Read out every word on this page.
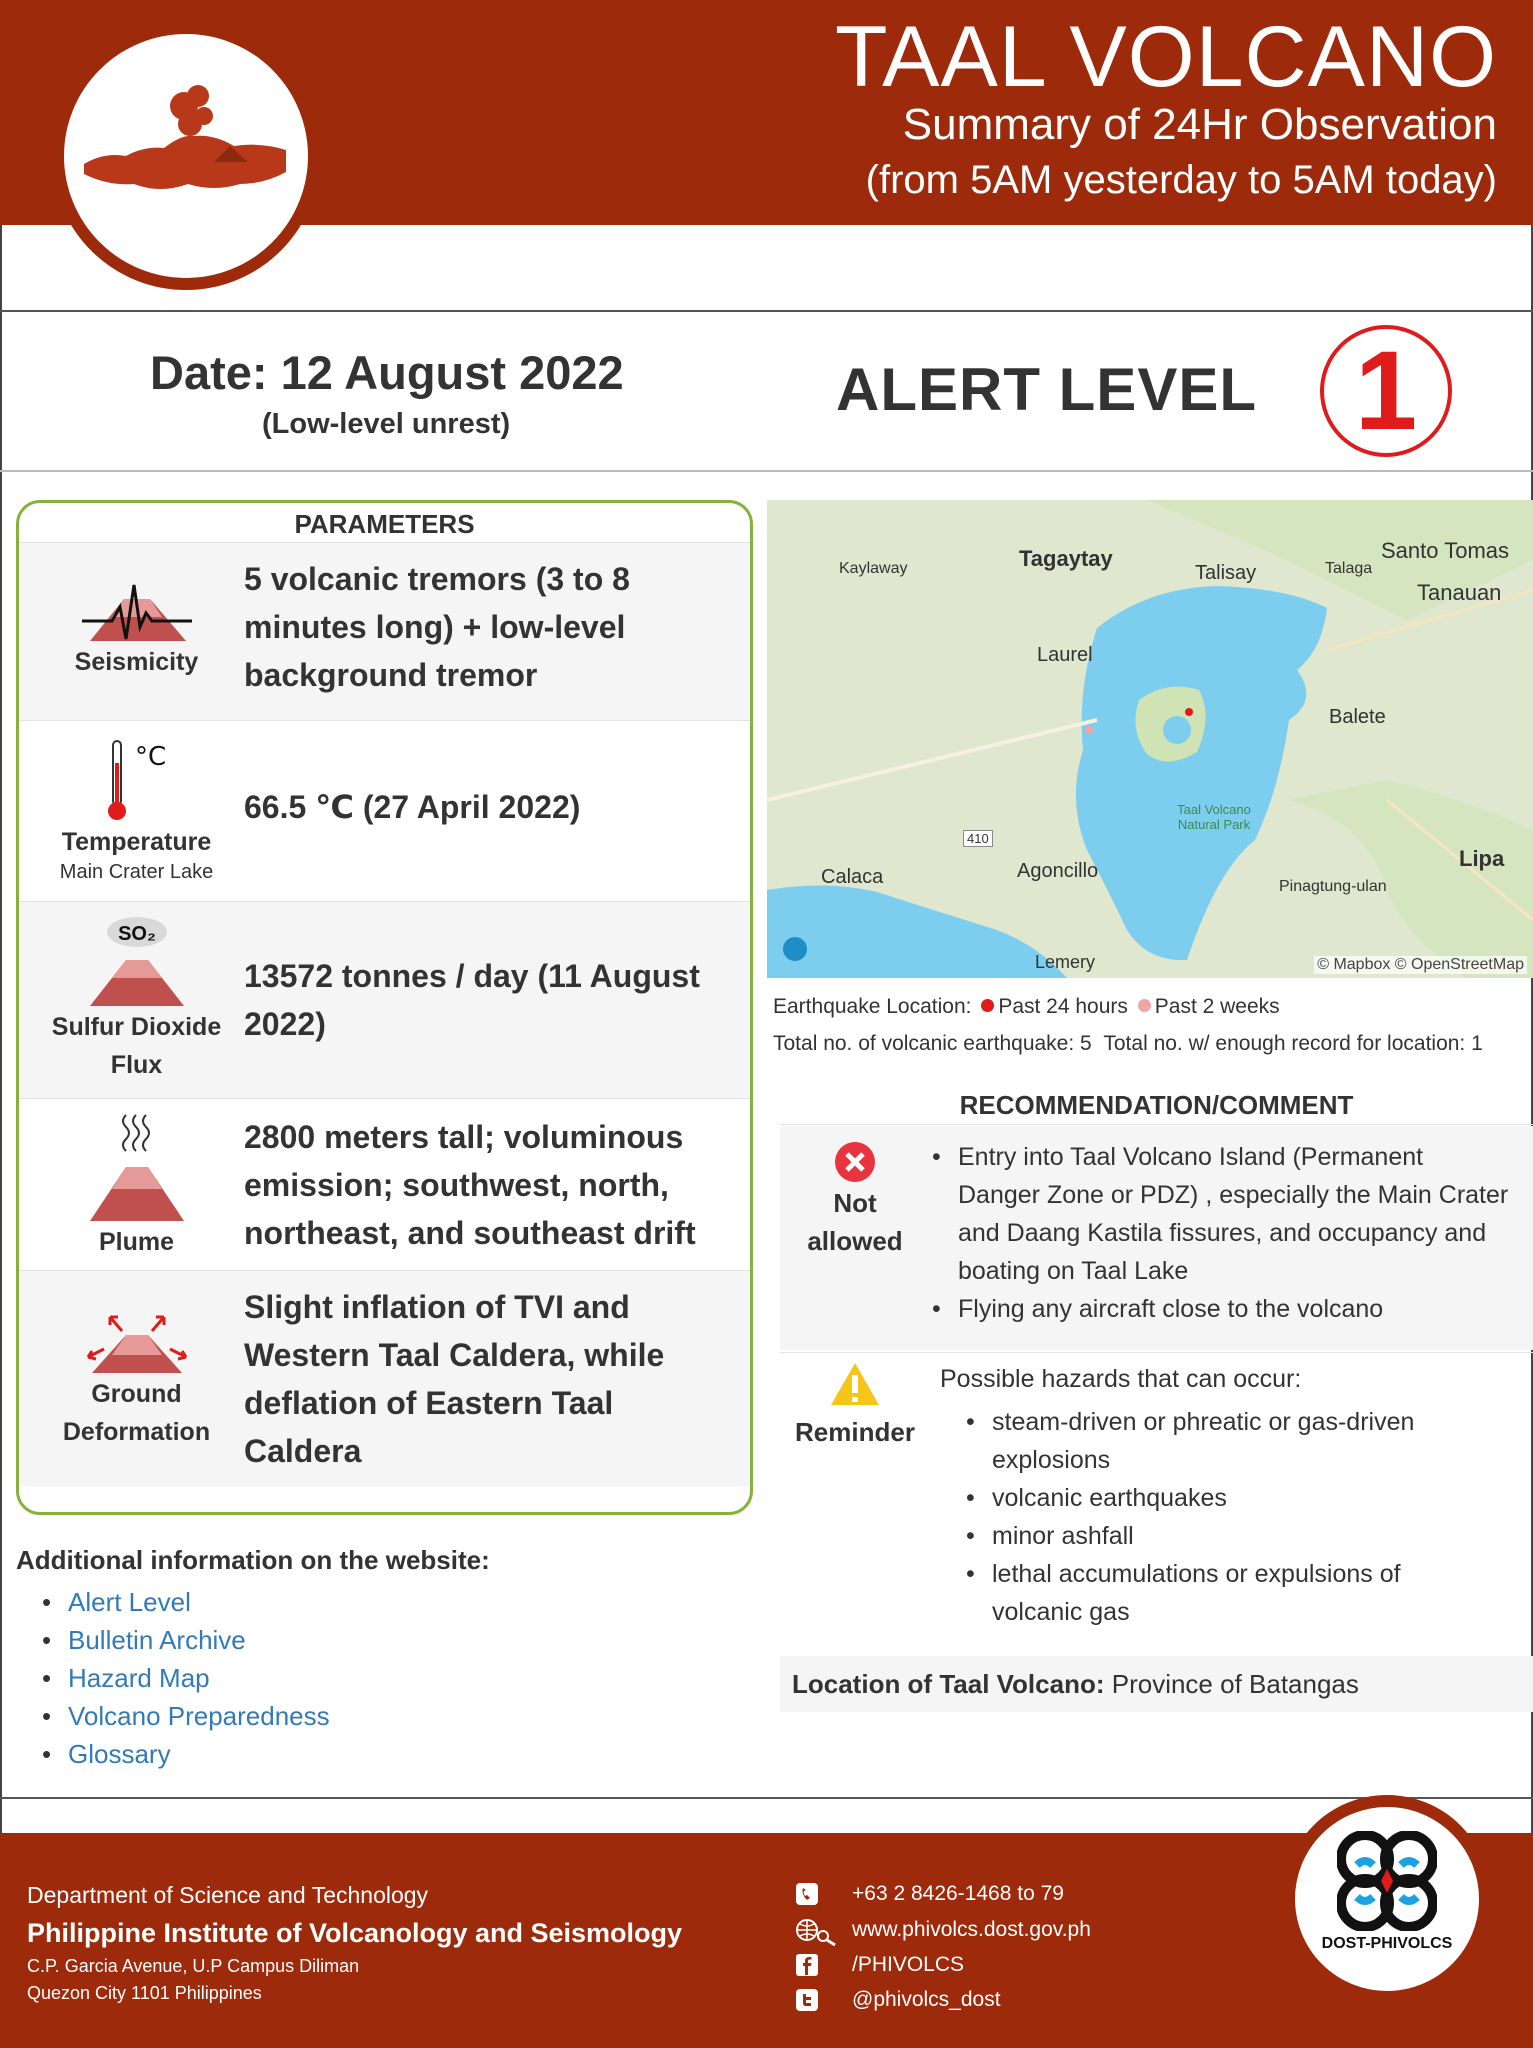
TAAL VOLCANO
Summary of 24Hr Observation
(from 5AM yesterday to 5AM today)
Date: 12 August 2022
(Low-level unrest)
ALERT LEVEL 1
PARAMETERS
Seismicity
5 volcanic tremors (3 to 8 minutes long) + low-level background tremor
°C
Temperature
Main Crater Lake
66.5 ℃ (27 April 2022)
SO₂
Sulfur Dioxide Flux
13572 tonnes / day (11 August 2022)
Plume
2800 meters tall; voluminous emission; southwest, north, northeast, and southeast drift
Ground Deformation
Slight inflation of TVI and Western Taal Caldera, while deflation of Eastern Taal Caldera
Additional information on the website:
• Alert Level
• Bulletin Archive
• Hazard Map
• Volcano Preparedness
• Glossary
Kaylaway	Tagaytay
Talisay	Talaga
Santo Tomas
Tanauan
Laurel
Balete
Taal Volcano Natural Park
410
Agoncillo
Calaca
Lipa
Pinagtung-ulan
Lemery	© Mapbox © OpenStreetMap
Earthquake Location: Past 24 hours Past 2 weeks
Total no. of volcanic earthquake: 5 Total no. w/ enough record for location: 1
RECOMMENDATION/COMMENT
Not
allowed
• Entry into Taal Volcano Island (Permanent Danger Zone or PDZ) , especially the Main Crater and Daang Kastila fissures, and occupancy and boating on Taal Lake
• Flying any aircraft close to the volcano
Reminder
Possible hazards that can occur:
• steam-driven or phreatic or gas-driven explosions
• volcanic earthquakes
• minor ashfall
• lethal accumulations or expulsions of volcanic gas
Location of Taal Volcano: Province of Batangas
Department of Science and Technology
Philippine Institute of Volcanology and Seismology
C.P. Garcia Avenue, U.P Campus Diliman
Quezon City 1101 Philippines
+63 2 8426-1468 to 79
www.phivolcs.dost.gov.ph
/PHIVOLCS
@phivolcs_dost
DOST-PHIVOLCS
